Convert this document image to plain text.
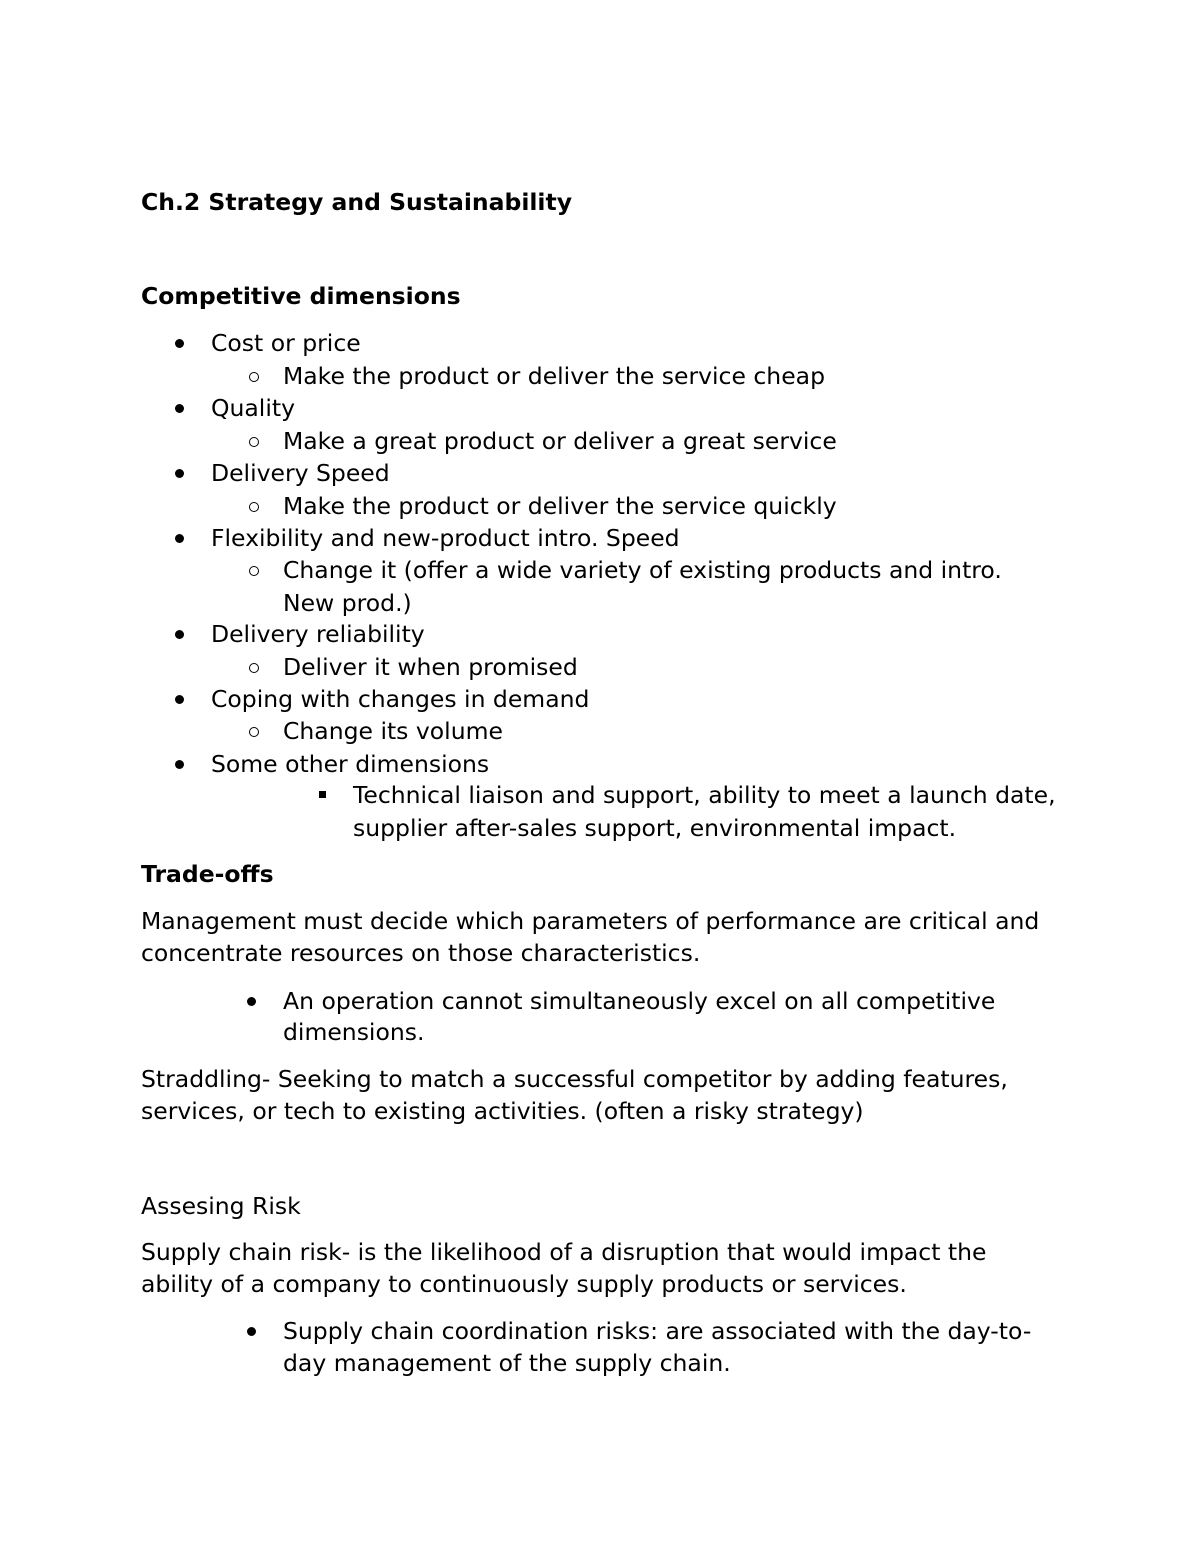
Ch.2 Strategy and Sustainability
Competitive dimensions
Cost or price
Make the product or deliver the service cheap
Quality
Make a great product or deliver a great service
Delivery Speed
Make the product or deliver the service quickly
Flexibility and new-product intro. Speed
Change it (offer a wide variety of existing products and intro.
New prod.)
Delivery reliability
Deliver it when promised
Coping with changes in demand
Change its volume
Some other dimensions
Technical liaison and support, ability to meet a launch date,
supplier after-sales support, environmental impact.
Trade-offs
Management must decide which parameters of performance are critical and
concentrate resources on those characteristics.
An operation cannot simultaneously excel on all competitive
dimensions.
Straddling- Seeking to match a successful competitor by adding features,
services, or tech to existing activities. (often a risky strategy)
Assesing Risk
Supply chain risk- is the likelihood of a disruption that would impact the
ability of a company to continuously supply products or services.
Supply chain coordination risks: are associated with the day-to-
day management of the supply chain.
